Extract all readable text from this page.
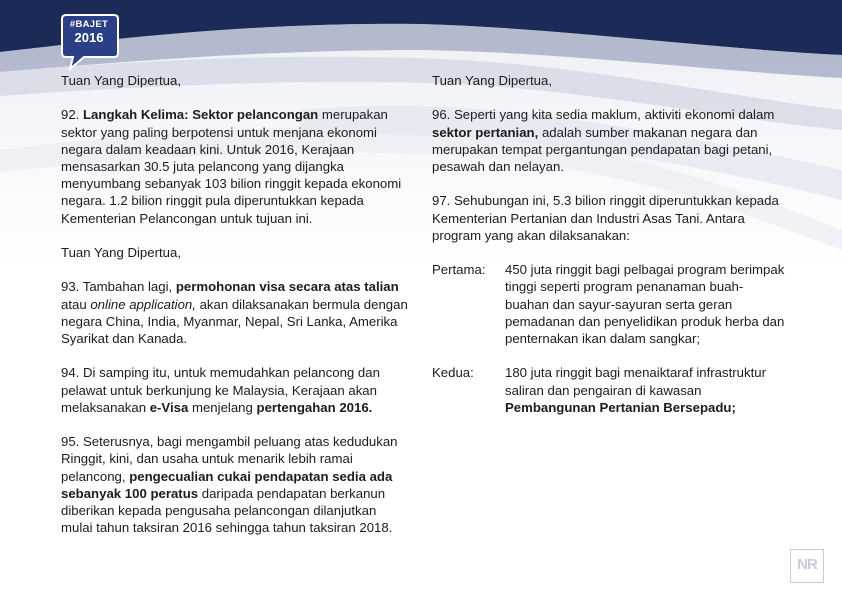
#BAJET
2016

Tuan Yang Dipertua,

92. Langkah Kelima: Sektor pelancongan merupakan sektor yang paling berpotensi untuk menjana ekonomi negara dalam keadaan kini. Untuk 2016, Kerajaan mensasarkan 30.5 juta pelancong yang dijangka menyumbang sebanyak 103 bilion ringgit kepada ekonomi negara. 1.2 bilion ringgit pula diperuntukkan kepada Kementerian Pelancongan untuk tujuan ini.

Tuan Yang Dipertua,

93. Tambahan lagi, permohonan visa secara atas talian atau online application, akan dilaksanakan bermula dengan negara China, India, Myanmar, Nepal, Sri Lanka, Amerika Syarikat dan Kanada.

94. Di samping itu, untuk memudahkan pelancong dan pelawat untuk berkunjung ke Malaysia, Kerajaan akan melaksanakan e-Visa menjelang pertengahan 2016.

95. Seterusnya, bagi mengambil peluang atas kedudukan Ringgit, kini, dan usaha untuk menarik lebih ramai pelancong, pengecualian cukai pendapatan sedia ada sebanyak 100 peratus daripada pendapatan berkanun diberikan kepada pengusaha pelancongan dilanjutkan mulai tahun taksiran 2016 sehingga tahun taksiran 2018.

Tuan Yang Dipertua,

96. Seperti yang kita sedia maklum, aktiviti ekonomi dalam sektor pertanian, adalah sumber makanan negara dan merupakan tempat pergantungan pendapatan bagi petani, pesawah dan nelayan.

97. Sehubungan ini, 5.3 bilion ringgit diperuntukkan kepada Kementerian Pertanian dan Industri Asas Tani. Antara program yang akan dilaksanakan:

Pertama:	450 juta ringgit bagi pelbagai program berimpak tinggi seperti program penanaman buah-buahan dan sayur-sayuran serta geran pemadanan dan penyelidikan produk herba dan penternakan ikan dalam sangkar;
Kedua:	180 juta ringgit bagi menaiktaraf infrastruktur saliran dan pengairan di kawasan Pembangunan Pertanian Bersepadu;
NR
